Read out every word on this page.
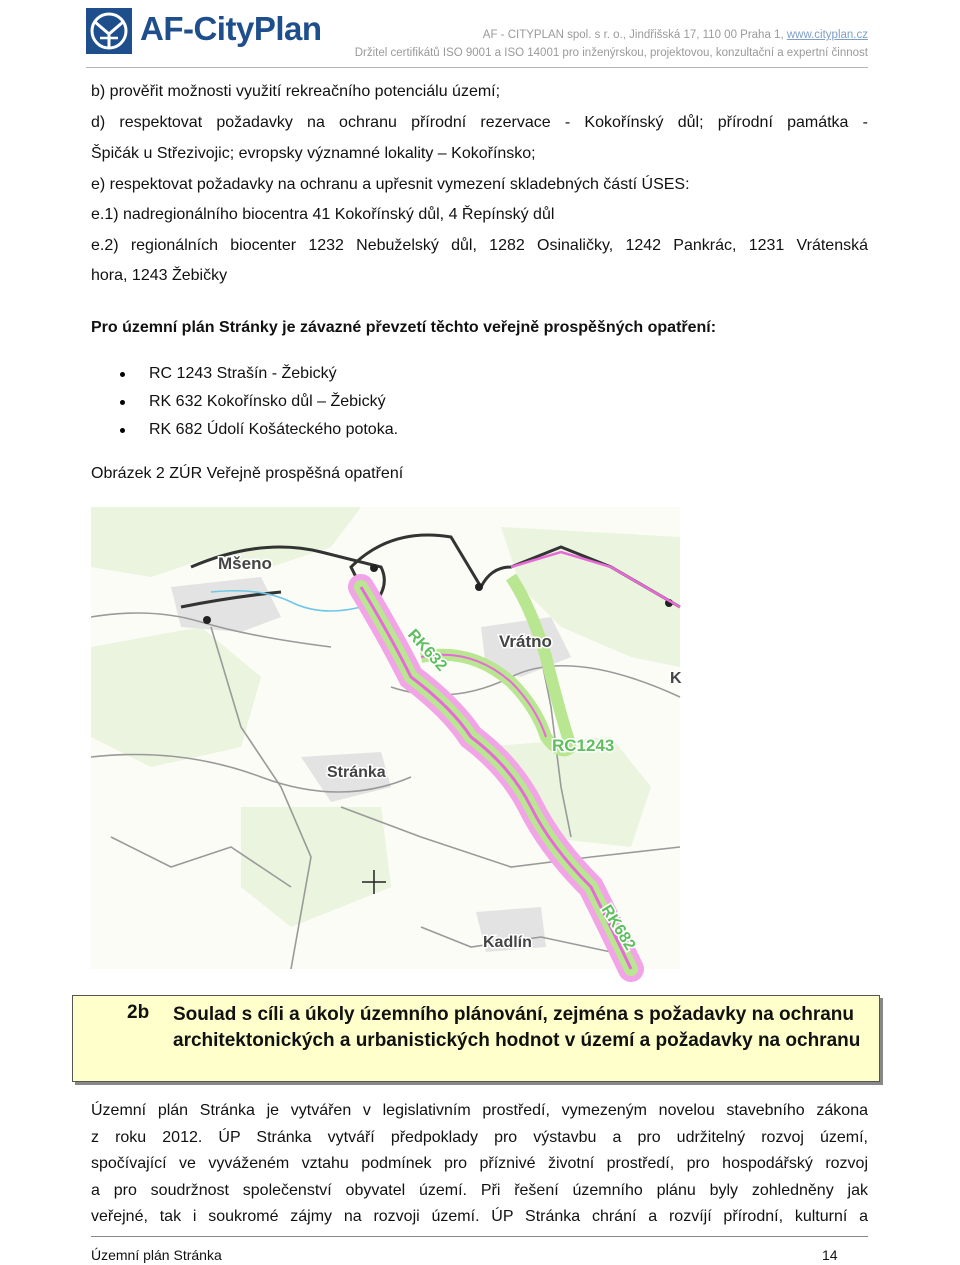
AF-CityPlan	AF - CITYPLAN spol. s r. o., Jindřišská 17, 110 00 Praha 1, www.cityplan.cz
Držitel certifikátů ISO 9001 a ISO 14001 pro inženýrskou, projektovou, konzultační a expertní činnost

b) prověřit možnosti využití rekreačního potenciálu území;

d) respektovat požadavky na ochranu přírodní rezervace - Kokořínský důl; přírodní památka -

Špičák u Střezivojic; evropsky významné lokality – Kokořínsko;

e) respektovat požadavky na ochranu a upřesnit vymezení skladebných částí ÚSES:

e.1) nadregionálního biocentra 41 Kokořínský důl, 4 Řepínský důl

e.2) regionálních biocenter 1232 Nebuželský důl, 1282 Osinaličky, 1242 Pankrác, 1231 Vrátenská

hora, 1243 Žebičky

Pro územní plán Stránky je závazné převzetí těchto veřejně prospěšných opatření:

RC 1243 Strašín - Žebický
RK 632 Kokořínsko důl – Žebický
RK 682 Údolí Košáteckého potoka.

Obrázek 2 ZÚR Veřejně prospěšná opatření

Mšeno
Vrátno
Stránka
Kadlín
RK632
RC1243
RK682
K
2b Soulad s cíli a úkoly územního plánování, zejména s požadavky na ochranu architektonických a urbanistických hodnot v území a požadavky na ochranu

Územní plán Stránka je vytvářen v legislativním prostředí, vymezeným novelou stavebního zákona
z roku 2012. ÚP Stránka vytváří předpoklady pro výstavbu a pro udržitelný rozvoj území,
spočívající ve vyváženém vztahu podmínek pro příznivé životní prostředí, pro hospodářský rozvoj
a pro soudržnost společenství obyvatel území. Při řešení územního plánu byly zohledněny jak
veřejné, tak i soukromé zájmy na rozvoji území. ÚP Stránka chrání a rozvíjí přírodní, kulturní a

Územní plán Stránka	14
